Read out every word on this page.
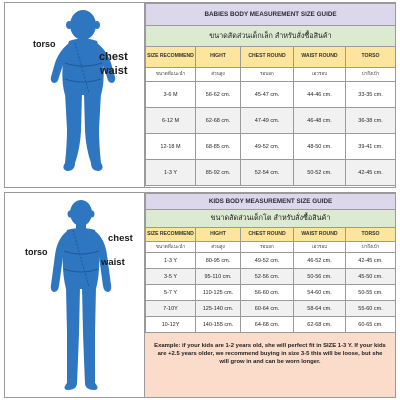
torso
chest
waist
BABIES BODY MEASUREMENT SIZE GUIDE				
ขนาดสัดส่วนเด็กเล็ก สำหรับสั่งซื้อสินค้า				
SIZE RECOMMEND	HIGHT	CHEST ROUND	WAIST ROUND	TORSO
ขนาดที่แนะนำ	ส่วนสูง	รอบอก	เอวรอบ	บ่าถึงเป้า
3-6 M	56-62 cm.	45-47 cm.	44-46 cm.	33-35 cm.
6-12 M	62-68 cm.	47-49 cm.	46-48 cm.	36-38 cm.
12-18 M	68-85 cm.	49-52 cm.	48-50 cm.	39-41 cm.
1-3 Y	85-92 cm.	52-54 cm.	50-52 cm.	42-45 cm.
torso
chest
waist
KIDS BODY MEASUREMENT SIZE GUIDE				
ขนาดสัดส่วนเด็กโต สำหรับสั่งซื้อสินค้า				
SIZE RECOMMEND	HIGHT	CHEST ROUND	WAIST ROUND	TORSO
ขนาดที่แนะนำ	ส่วนสูง	รอบอก	เอวรอบ	บ่าถึงเป้า
1-3 Y	80-95 cm.	49-52 cm.	46-52 cm.	42-45 cm.
3-5 Y	95-110 cm.	52-56 cm.	50-56 cm.	45-50 cm.
5-7 Y	110-125 cm.	56-60 cm.	54-60 cm.	50-55 cm.
7-10Y	125-140 cm.	60-64 cm.	58-64 cm.	55-60 cm.
10-12Y	140-155 cm.	64-68 cm.	62-68 cm.	60-65 cm.
Example: if your kids are 1-2 years old, she will perfect fit in SIZE 1-3 Y. If your kids are +2.5 years older, we recommend buying in size 3-5 this will be loose, but she will grow in and can be worn longer.
